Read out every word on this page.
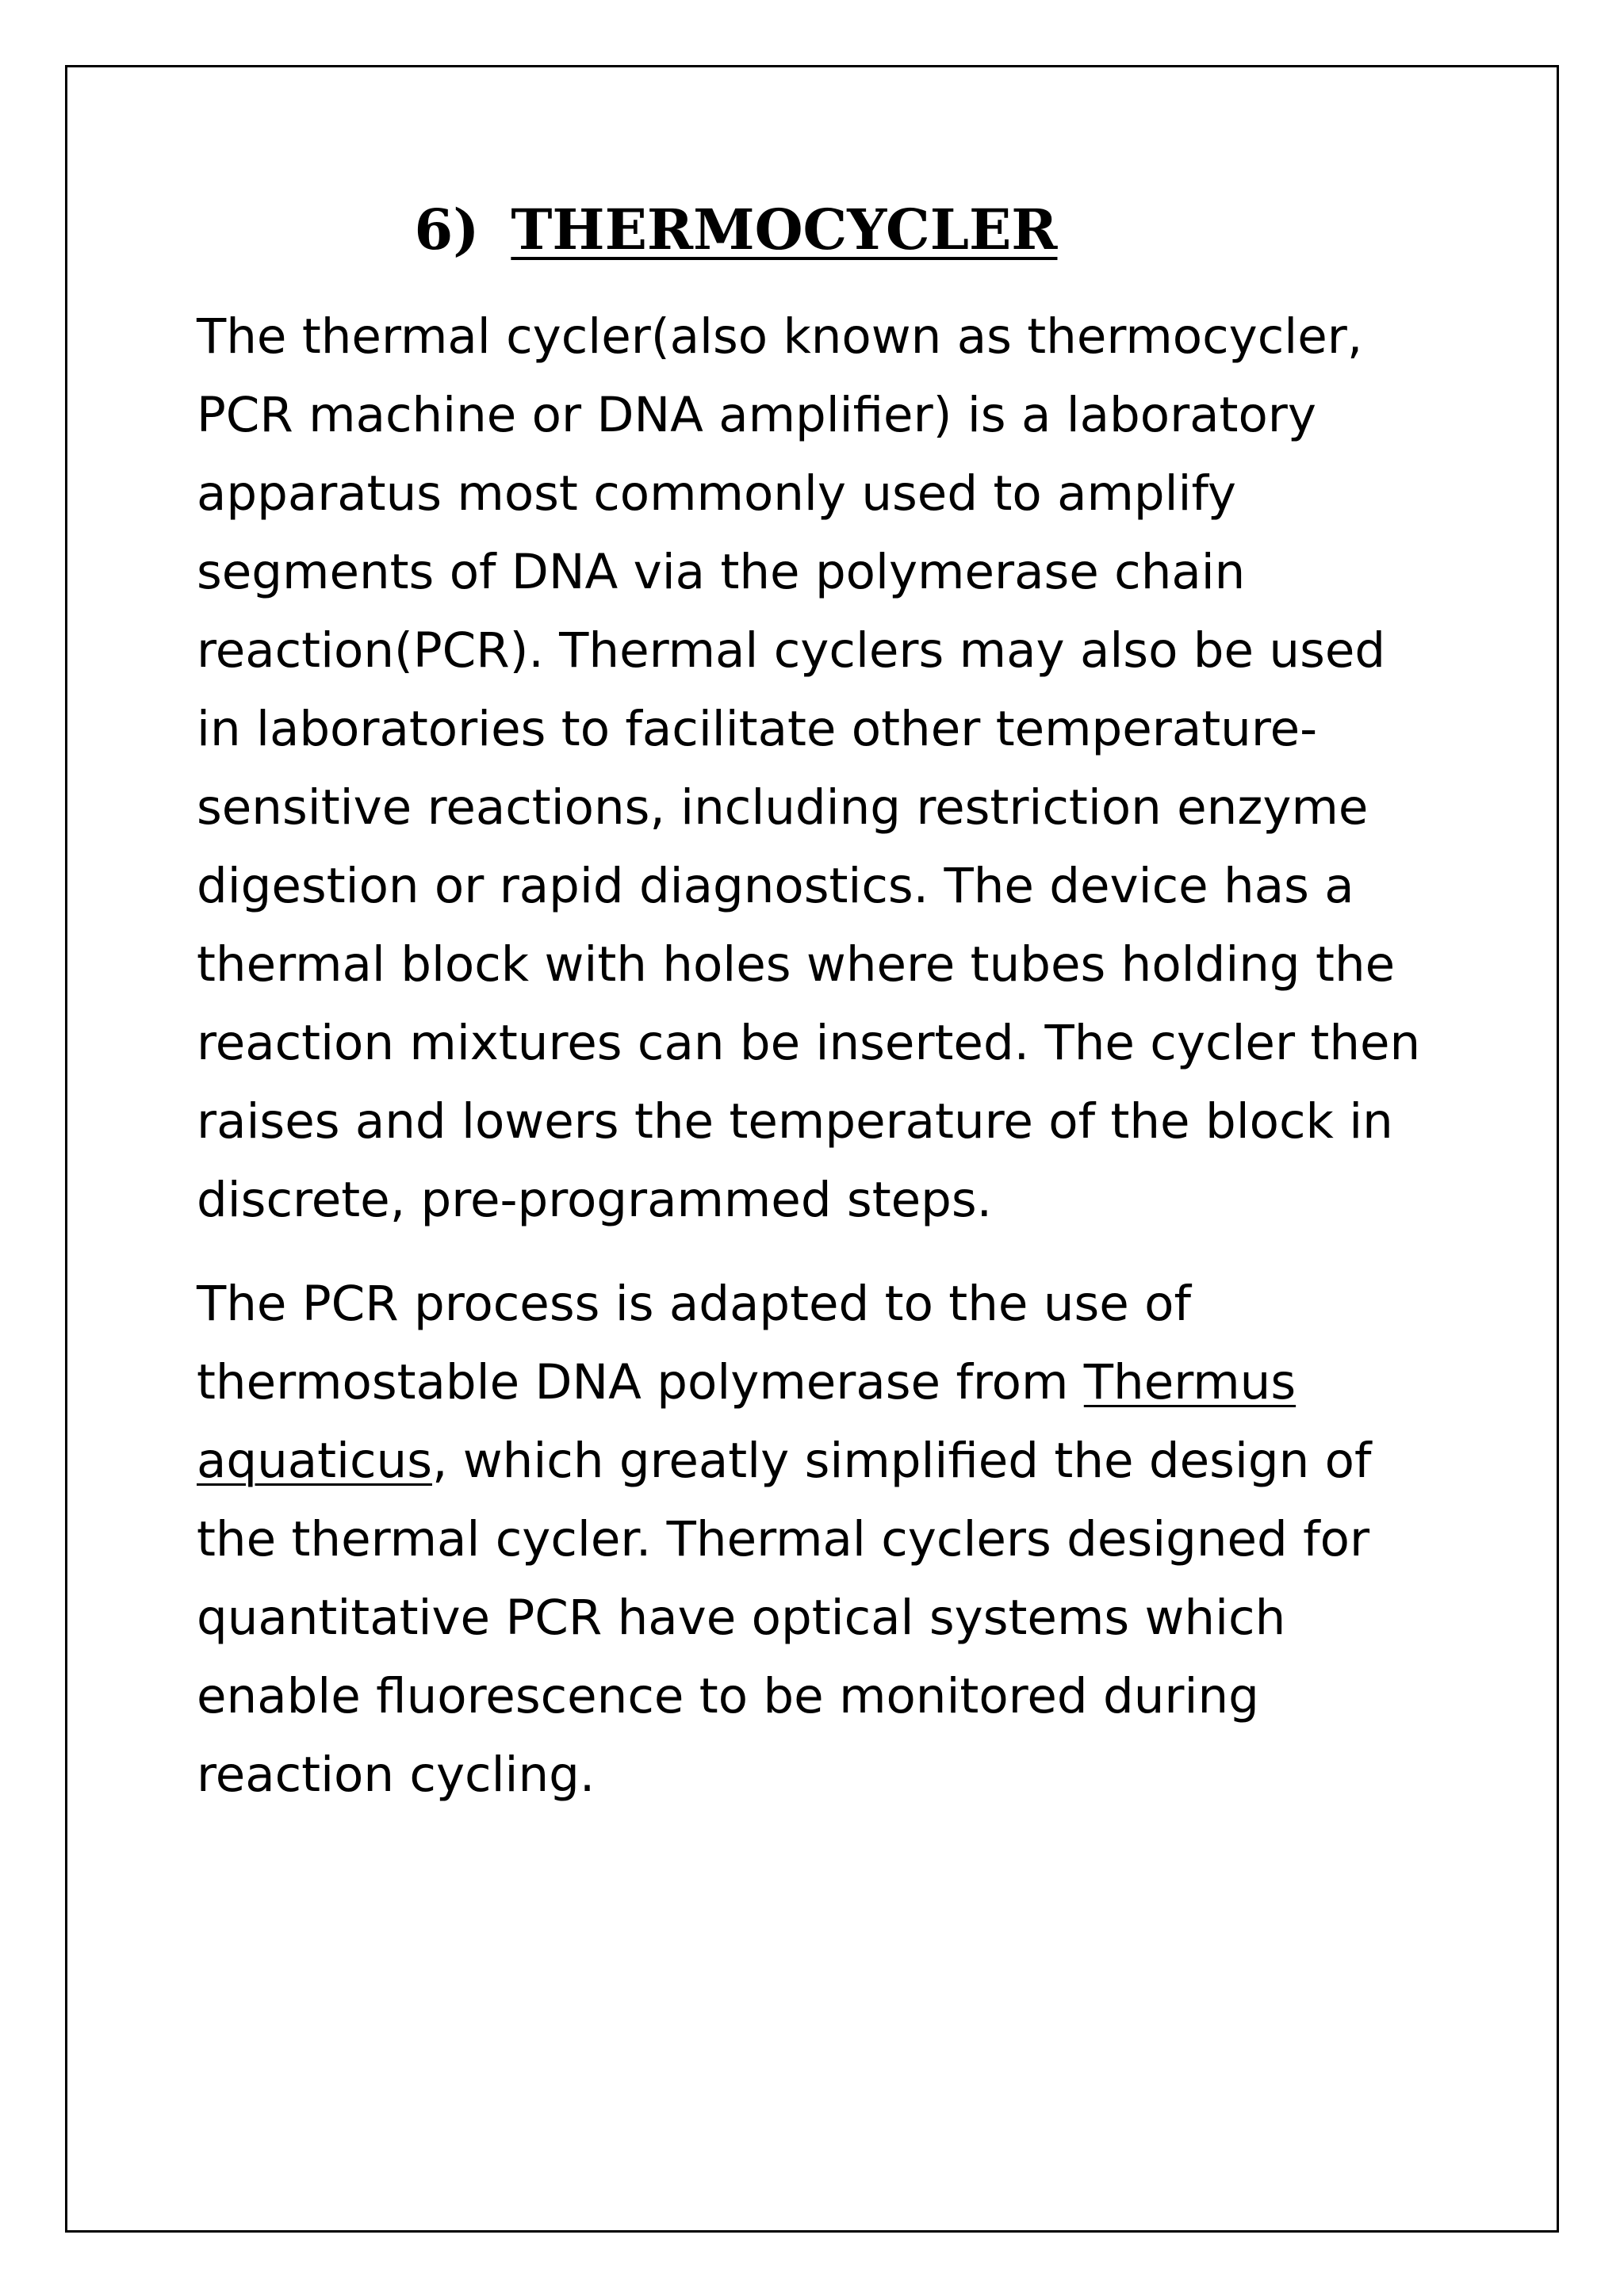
6) THERMOCYCLER

The thermal cycler(also known as thermocycler,
PCR machine or DNA amplifier) is a laboratory
apparatus most commonly used to amplify
segments of DNA via the polymerase chain
reaction(PCR). Thermal cyclers may also be used
in laboratories to facilitate other temperature-
sensitive reactions, including restriction enzyme
digestion or rapid diagnostics. The device has a
thermal block with holes where tubes holding the
reaction mixtures can be inserted. The cycler then
raises and lowers the temperature of the block in
discrete, pre-programmed steps.

The PCR process is adapted to the use of
thermostable DNA polymerase from Thermus
aquaticus, which greatly simplified the design of
the thermal cycler. Thermal cyclers designed for
quantitative PCR have optical systems which
enable fluorescence to be monitored during
reaction cycling.
